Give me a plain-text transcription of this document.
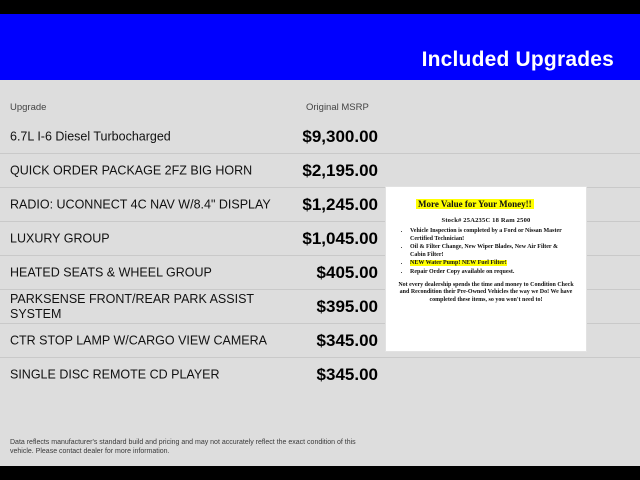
Included Upgrades
Upgrade	Original MSRP
6.7L I-6 Diesel Turbocharged	$9,300.00
QUICK ORDER PACKAGE 2FZ BIG HORN	$2,195.00
RADIO: UCONNECT 4C NAV W/8.4" DISPLAY	$1,245.00
LUXURY GROUP	$1,045.00
HEATED SEATS & WHEEL GROUP	$405.00
PARKSENSE FRONT/REAR PARK ASSIST SYSTEM	$395.00
CTR STOP LAMP W/CARGO VIEW CAMERA	$345.00
SINGLE DISC REMOTE CD PLAYER	$345.00
Data reflects manufacturer's standard build and pricing and may not accurately reflect the exact condition of this vehicle. Please contact dealer for more information.
More Value for Your Money!!
Stock# 25A235C 18 Ram 2500
• Vehicle Inspection is completed by a Ford or Nissan Master Certified Technician!
• Oil & Filter Change, New Wiper Blades, New Air Filter & Cabin Filter!
• NEW Water Pump! NEW Fuel Filter!
• Repair Order Copy available on request.
Not every dealership spends the time and money to Condition Check and Recondition their Pre-Owned Vehicles the way we Do! We have completed these items, so you won't need to!
